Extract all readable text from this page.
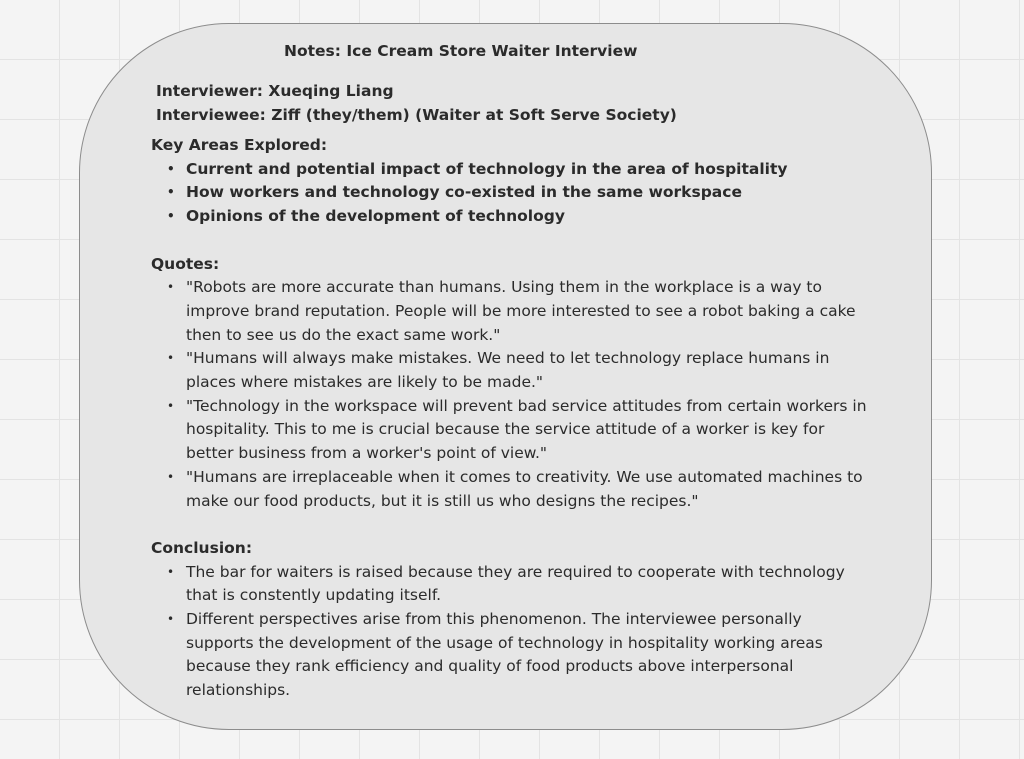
Notes: Ice Cream Store Waiter Interview
Interviewer: Xueqing Liang
Interviewee: Ziff (they/them) (Waiter at Soft Serve Society)
Key Areas Explored:
• Current and potential impact of technology in the area of hospitality
• How workers and technology co-existed in the same workspace
• Opinions of the development of technology
Quotes:
• "Robots are more accurate than humans. Using them in the workplace is a way to improve brand reputation. People will be more interested to see a robot baking a cake then to see us do the exact same work."
• "Humans will always make mistakes. We need to let technology replace humans in places where mistakes are likely to be made."
• "Technology in the workspace will prevent bad service attitudes from certain workers in hospitality. This to me is crucial because the service attitude of a worker is key for better business from a worker's point of view."
• "Humans are irreplaceable when it comes to creativity. We use automated machines to make our food products, but it is still us who designs the recipes."
Conclusion:
• The bar for waiters is raised because they are required to cooperate with technology that is constently updating itself.
• Different perspectives arise from this phenomenon. The interviewee personally supports the development of the usage of technology in hospitality working areas because they rank efficiency and quality of food products above interpersonal relationships.
